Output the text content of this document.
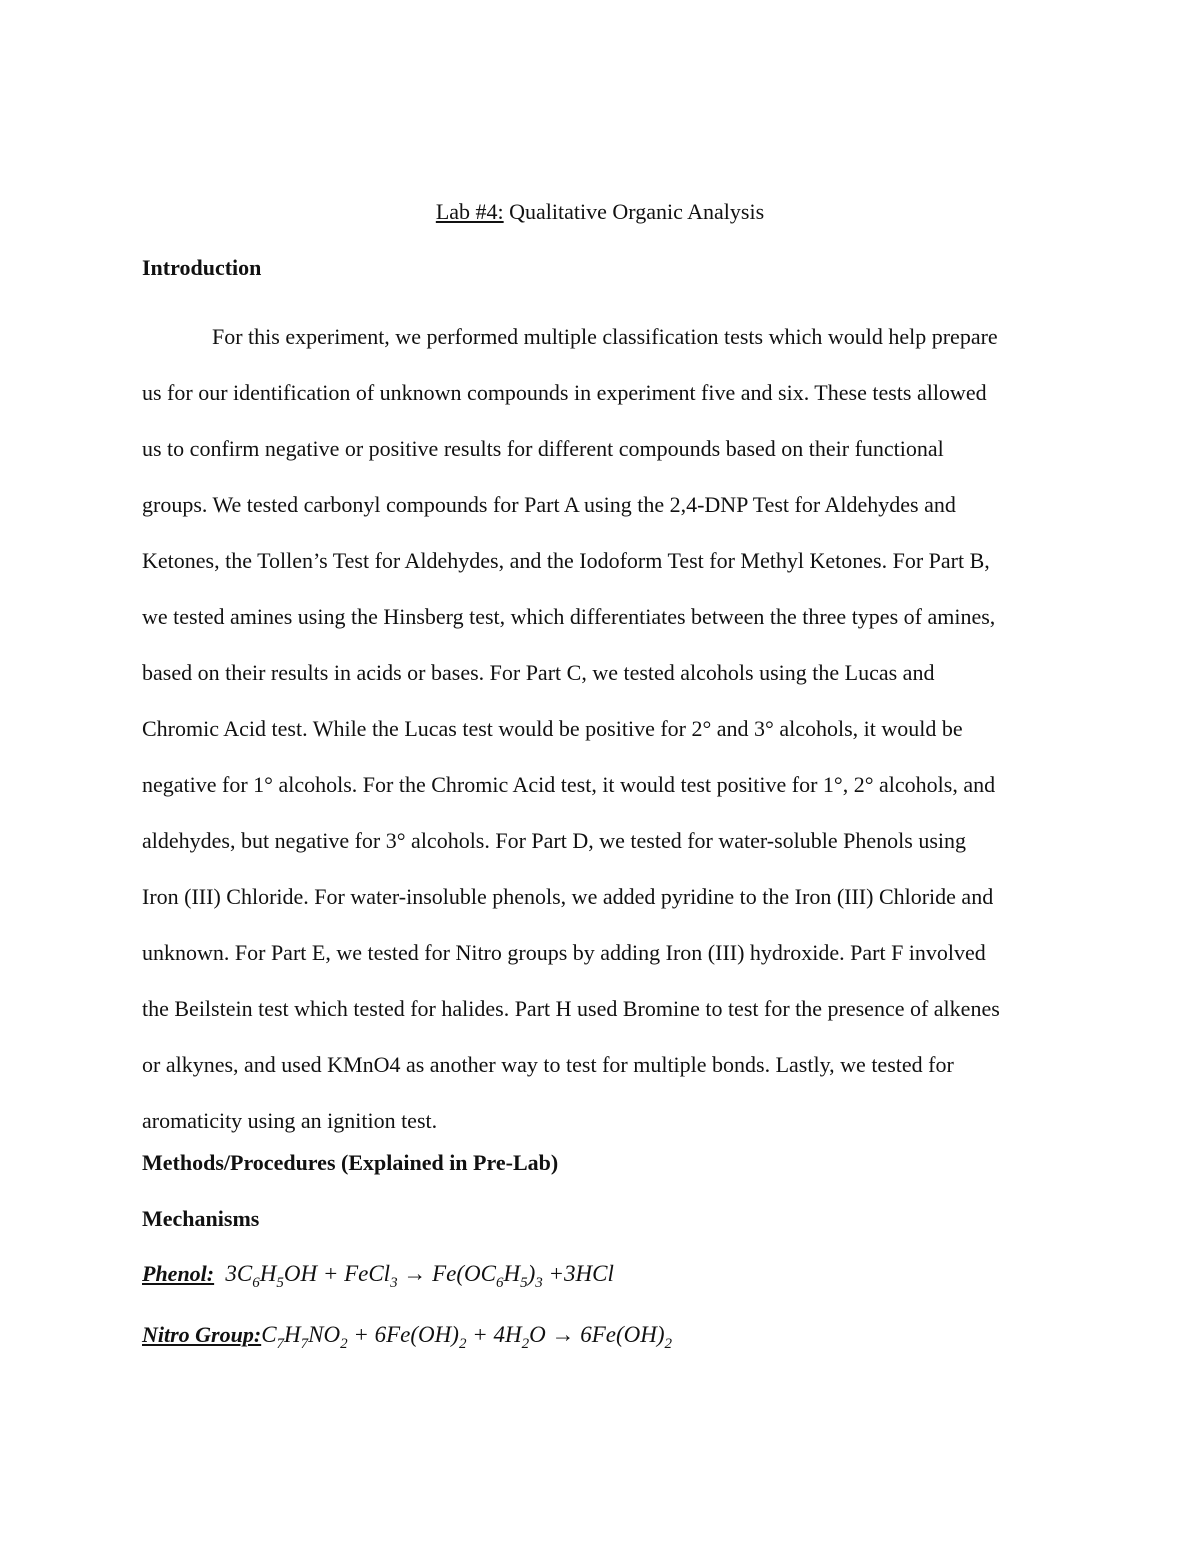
Lab #4: Qualitative Organic Analysis
Introduction
For this experiment, we performed multiple classification tests which would help prepare
us for our identification of unknown compounds in experiment five and six. These tests allowed
us to confirm negative or positive results for different compounds based on their functional
groups. We tested carbonyl compounds for Part A using the 2,4-DNP Test for Aldehydes and
Ketones, the Tollen’s Test for Aldehydes, and the Iodoform Test for Methyl Ketones. For Part B,
we tested amines using the Hinsberg test, which differentiates between the three types of amines,
based on their results in acids or bases. For Part C, we tested alcohols using the Lucas and
Chromic Acid test. While the Lucas test would be positive for 2° and 3° alcohols, it would be
negative for 1° alcohols. For the Chromic Acid test, it would test positive for 1°, 2° alcohols, and
aldehydes, but negative for 3° alcohols. For Part D, we tested for water-soluble Phenols using
Iron (III) Chloride. For water-insoluble phenols, we added pyridine to the Iron (III) Chloride and
unknown. For Part E, we tested for Nitro groups by adding Iron (III) hydroxide. Part F involved
the Beilstein test which tested for halides. Part H used Bromine to test for the presence of alkenes
or alkynes, and used KMnO4 as another way to test for multiple bonds. Lastly, we tested for
aromaticity using an ignition test.
Methods/Procedures (Explained in Pre-Lab)
Mechanisms
Phenol: $3C_6H_5OH$ + FeCl$_3$ → $Fe(OC_6H_5)_3 +3HCl$
Nitro $Group:C_7H_7NO_2 + 6Fe(OH)_2 + 4H_2O \to 6Fe(OH)_2$
